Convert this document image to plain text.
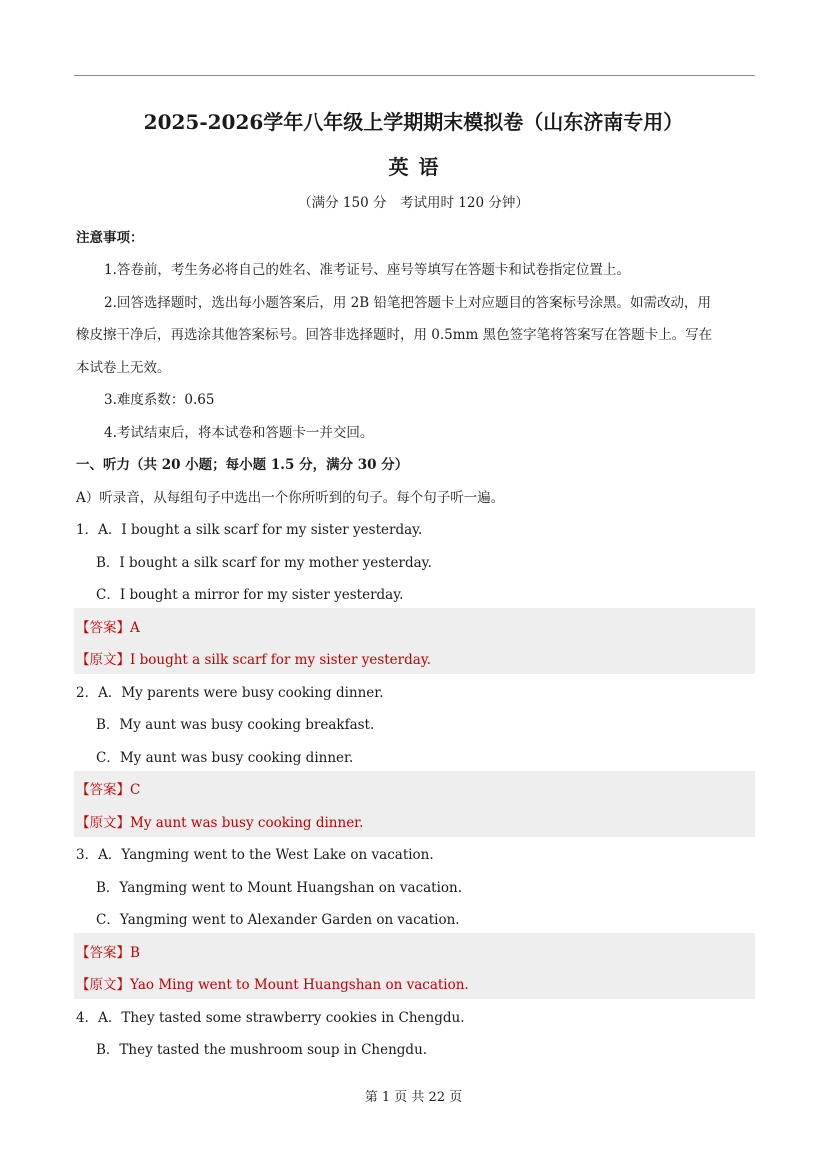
2025-2026学年八年级上学期期末模拟卷（山东济南专用）
英语
（满分 150 分　考试用时 120 分钟）
注意事项：
1.答卷前，考生务必将自己的姓名、准考证号、座号等填写在答题卡和试卷指定位置上。
2.回答选择题时，选出每小题答案后，用 2B 铅笔把答题卡上对应题目的答案标号涂黑。如需改动，用
橡皮擦干净后，再选涂其他答案标号。回答非选择题时，用 0.5mm 黑色签字笔将答案写在答题卡上。写在
本试卷上无效。
3.难度系数：0.65
4.考试结束后，将本试卷和答题卡一并交回。
一、听力（共 20 小题；每小题 1.5 分，满分 30 分）
A）听录音，从每组句子中选出一个你所听到的句子。每个句子听一遍。
1．A．I bought a silk scarf for my sister yesterday.
B．I bought a silk scarf for my mother yesterday.
C．I bought a mirror for my sister yesterday.
【答案】A
【原文】I bought a silk scarf for my sister yesterday.
2．A．My parents were busy cooking dinner.
B．My aunt was busy cooking breakfast.
C．My aunt was busy cooking dinner.
【答案】C
【原文】My aunt was busy cooking dinner.
3．A．Yangming went to the West Lake on vacation.
B．Yangming went to Mount Huangshan on vacation.
C．Yangming went to Alexander Garden on vacation.
【答案】B
【原文】Yao Ming went to Mount Huangshan on vacation.
4．A．They tasted some strawberry cookies in Chengdu.
B．They tasted the mushroom soup in Chengdu.
第 1 页 共 22 页
